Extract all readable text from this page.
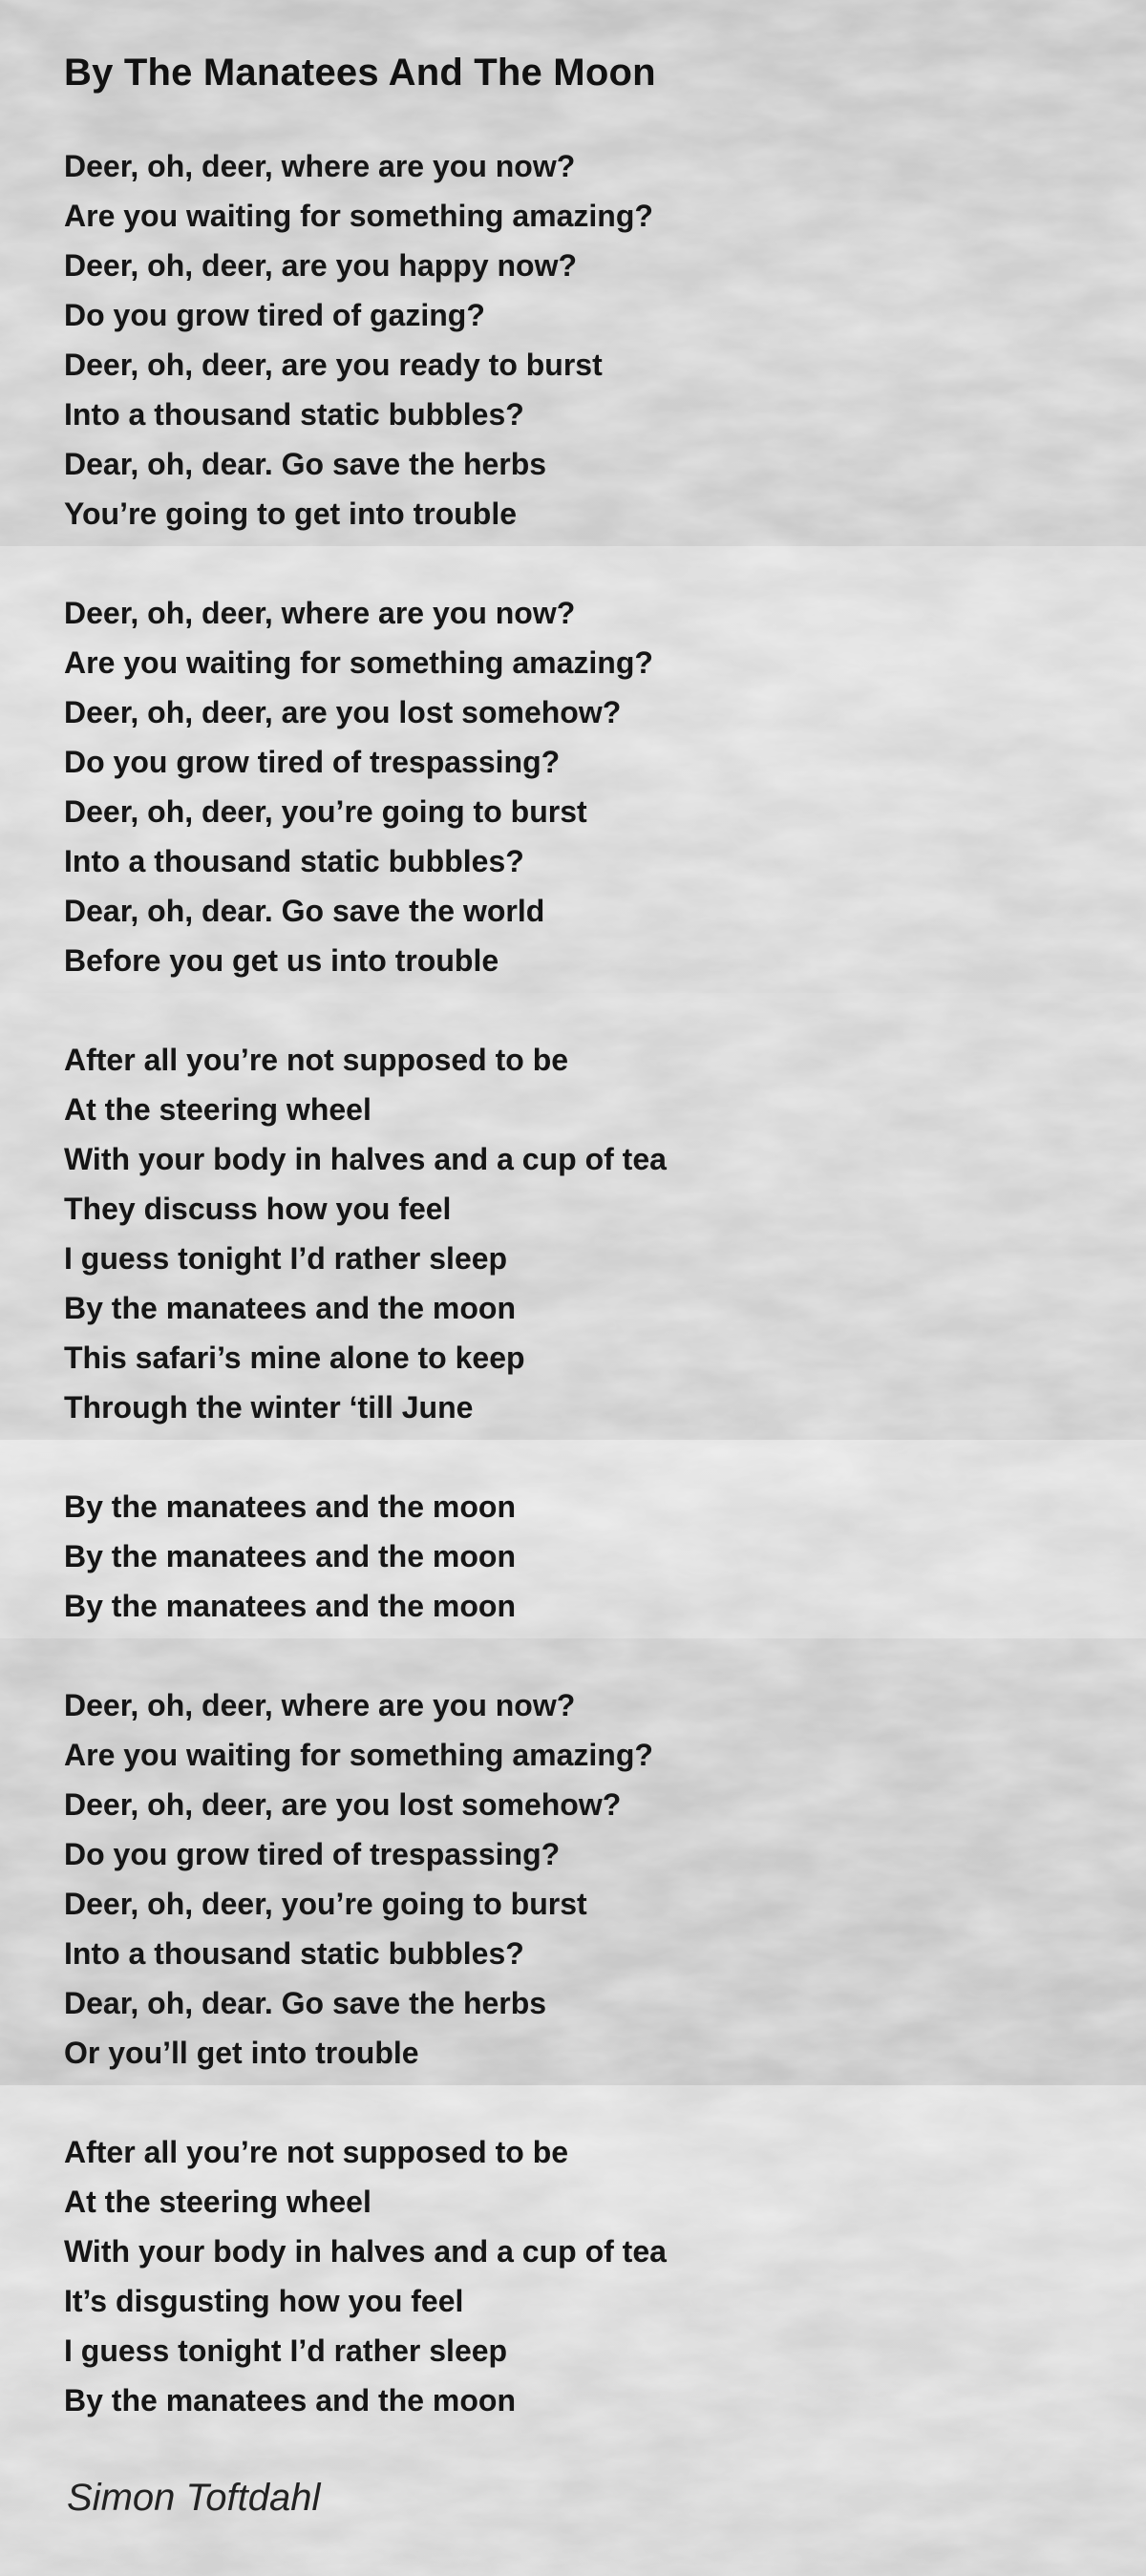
By The Manatees And The Moon
Deer, oh, deer, where are you now?
Are you waiting for something amazing?
Deer, oh, deer, are you happy now?
Do you grow tired of gazing?
Deer, oh, deer, are you ready to burst
Into a thousand static bubbles?
Dear, oh, dear. Go save the herbs
You’re going to get into trouble
Deer, oh, deer, where are you now?
Are you waiting for something amazing?
Deer, oh, deer, are you lost somehow?
Do you grow tired of trespassing?
Deer, oh, deer, you’re going to burst
Into a thousand static bubbles?
Dear, oh, dear. Go save the world
Before you get us into trouble
After all you’re not supposed to be
At the steering wheel
With your body in halves and a cup of tea
They discuss how you feel
I guess tonight I’d rather sleep
By the manatees and the moon
This safari’s mine alone to keep
Through the winter ‘till June
By the manatees and the moon
By the manatees and the moon
By the manatees and the moon
Deer, oh, deer, where are you now?
Are you waiting for something amazing?
Deer, oh, deer, are you lost somehow?
Do you grow tired of trespassing?
Deer, oh, deer, you’re going to burst
Into a thousand static bubbles?
Dear, oh, dear. Go save the herbs
Or you’ll get into trouble
After all you’re not supposed to be
At the steering wheel
With your body in halves and a cup of tea
It’s disgusting how you feel
I guess tonight I’d rather sleep
By the manatees and the moon
Simon Toftdahl
